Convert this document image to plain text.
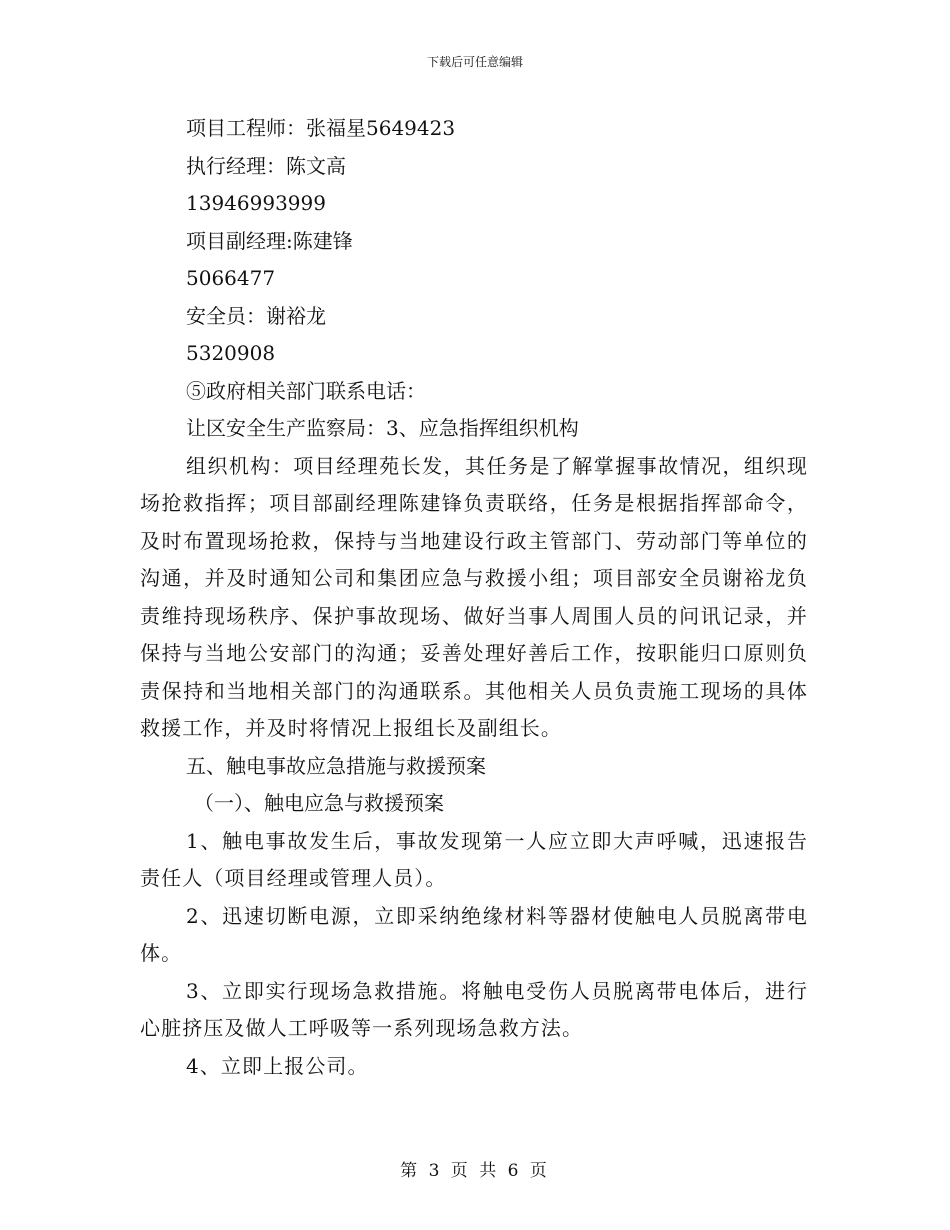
下载后可任意编辑
项目工程师：张福星5649423
执行经理：陈文高
13946993999
项目副经理:陈建锋
5066477
安全员：谢裕龙
5320908
⑤政府相关部门联系电话：
让区安全生产监察局：3、应急指挥组织机构
组织机构：项目经理苑长发，其任务是了解掌握事故情况，组织现场抢救指挥；项目部副经理陈建锋负责联络，任务是根据指挥部命令，及时布置现场抢救，保持与当地建设行政主管部门、劳动部门等单位的沟通，并及时通知公司和集团应急与救援小组；项目部安全员谢裕龙负责维持现场秩序、保护事故现场、做好当事人周围人员的问讯记录，并保持与当地公安部门的沟通；妥善处理好善后工作，按职能归口原则负责保持和当地相关部门的沟通联系。其他相关人员负责施工现场的具体救援工作，并及时将情况上报组长及副组长。
五、触电事故应急措施与救援预案
（一）、触电应急与救援预案
1、触电事故发生后，事故发现第一人应立即大声呼喊，迅速报告责任人（项目经理或管理人员）。
2、迅速切断电源，立即采纳绝缘材料等器材使触电人员脱离带电体。
3、立即实行现场急救措施。将触电受伤人员脱离带电体后，进行心脏挤压及做人工呼吸等一系列现场急救方法。
4、立即上报公司。
第 3 页 共 6 页
